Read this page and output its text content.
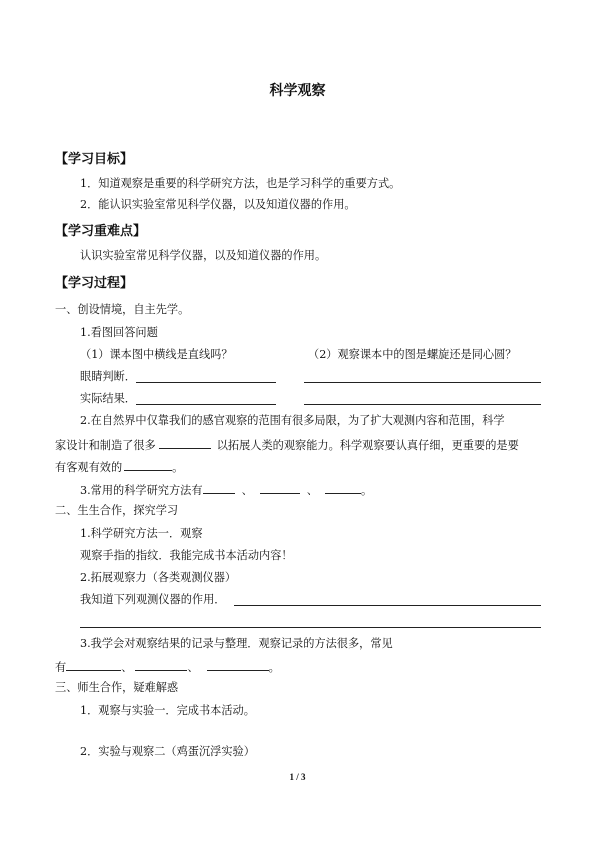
科学观察
【学习目标】
1．知道观察是重要的科学研究方法，也是学习科学的重要方式。
2．能认识实验室常见科学仪器，以及知道仪器的作用。
【学习重难点】
认识实验室常见科学仪器，以及知道仪器的作用。
【学习过程】
一、创设情境，自主先学。
1.看图回答问题
（1）课本图中横线是直线吗？	（2）观察课本中的图是螺旋还是同心圆？
眼睛判断．
实际结果．
2.在自然界中仅靠我们的感官观察的范围有很多局限，为了扩大观测内容和范围，科学
家设计和制造了很多	以拓展人类的观察能力。科学观察要认真仔细，更重要的是要
有客观有效的	。
3.常用的科学研究方法有	、	、	。
二、生生合作，探究学习
1.科学研究方法一．观察
观察手指的指纹．我能完成书本活动内容！
2.拓展观察力（各类观测仪器）
我知道下列观测仪器的作用．
3.我学会对观察结果的记录与整理．观察记录的方法很多，常见
有	、	、	。
三、师生合作，疑难解惑
1．观察与实验一．完成书本活动。
2．实验与观察二（鸡蛋沉浮实验）
1 / 3
